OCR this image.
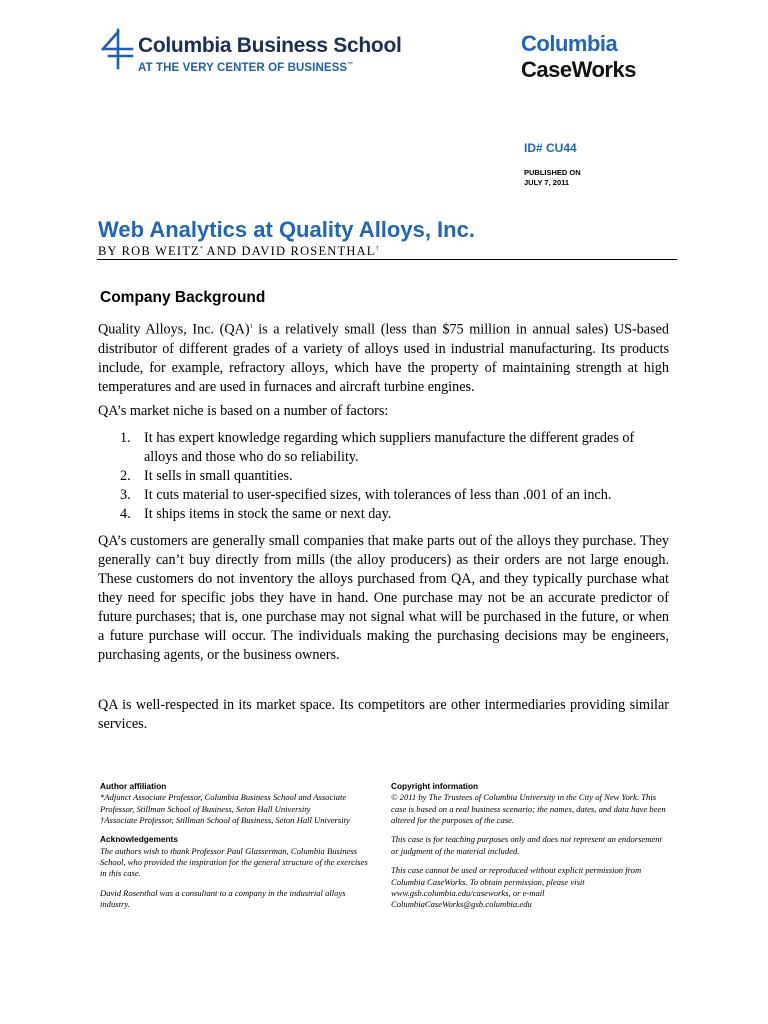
Columbia Business School
AT THE VERY CENTER OF BUSINESS™
Columbia
CaseWorks
ID# CU44
PUBLISHED ON
JULY 7, 2011
Web Analytics at Quality Alloys, Inc.
BY ROB WEITZ* AND DAVID ROSENTHAL†
Company Background
Quality Alloys, Inc. (QA)$^1$ is a relatively small (less than $75 million in annual sales) US-based distributor of different grades of a variety of alloys used in industrial manufacturing. Its products include, for example, refractory alloys, which have the property of maintaining strength at high temperatures and are used in furnaces and aircraft turbine engines.
QA’s market niche is based on a number of factors:
1. It has expert knowledge regarding which suppliers manufacture the different grades of alloys and those who do so reliability.
2. It sells in small quantities.
3. It cuts material to user-specified sizes, with tolerances of less than .001 of an inch.
4. It ships items in stock the same or next day.
QA’s customers are generally small companies that make parts out of the alloys they purchase. They generally can’t buy directly from mills (the alloy producers) as their orders are not large enough. These customers do not inventory the alloys purchased from QA, and they typically purchase what they need for specific jobs they have in hand. One purchase may not be an accurate predictor of future purchases; that is, one purchase may not signal what will be purchased in the future, or when a future purchase will occur. The individuals making the purchasing decisions may be engineers, purchasing agents, or the business owners.
QA is well-respected in its market space. Its competitors are other intermediaries providing similar services.
Author affiliation
*Adjunct Associate Professor, Columbia Business School and Associate Professor, Stillman School of Business, Seton Hall University
†Associate Professor, Stillman School of Business, Seton Hall University
Acknowledgements
The authors wish to thank Professor Paul Glasserman, Columbia Business School, who provided the inspiration for the general structure of the exercises in this case.
David Rosenthal was a consultant to a company in the industrial alloys industry.
Copyright information
© 2011 by The Trustees of Columbia University in the City of New York. This case is based on a real business scenario; the names, dates, and data have been altered for the purposes of the case.
This case is for teaching purposes only and does not represent an endorsement or judgment of the material included.
This case cannot be used or reproduced without explicit permission from Columbia CaseWorks. To obtain permission, please visit
www.gsb.columbia.edu/caseworks, or e-mail
ColumbiaCaseWorks@gsb.columbia.edu
